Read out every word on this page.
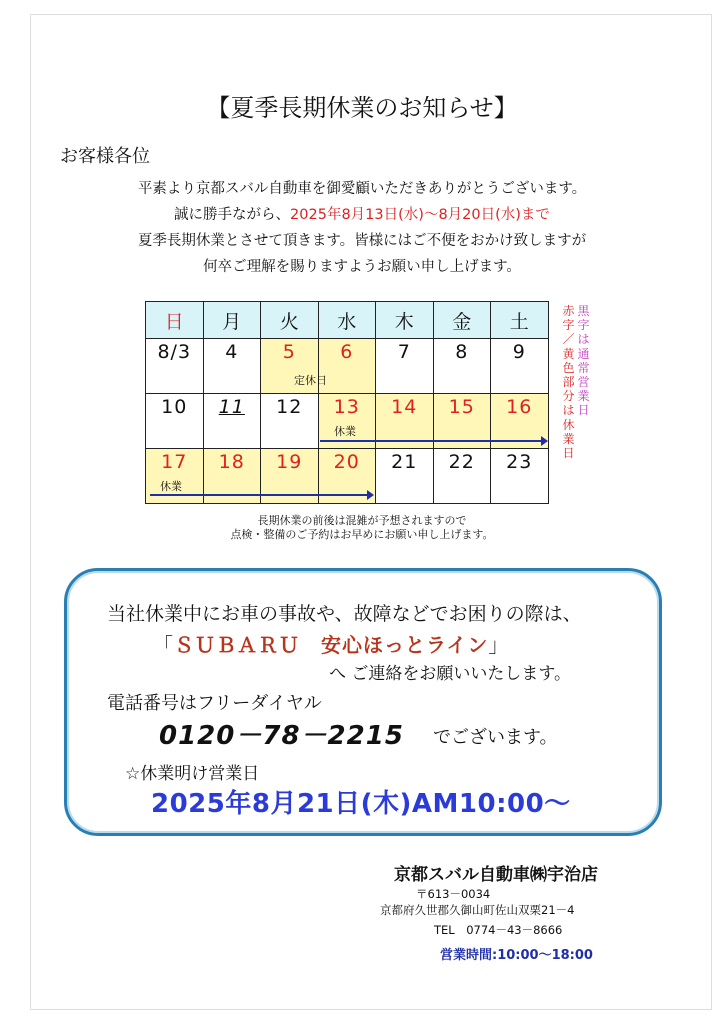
【夏季長期休業のお知らせ】
お客様各位
平素より京都スバル自動車を御愛顧いただきありがとうございます。
誠に勝手ながら、2025年8月13日(水)～8月20日(水)まで
夏季長期休業とさせて頂きます。皆様にはご不便をおかけ致しますが
何卒ご理解を賜りますようお願い申し上げます。
日	月	火	水	木	金	土

8/3	4	5	6	7	8	9

10	11	12	13	14	15	16

17	18	19	20	21	22	23
定休日
休業
休業
赤
字
／
黄
色
部
分
は
休
業
日
黒
字
は
通
常
営
業
日
長期休業の前後は混雑が予想されますので
点検・整備のご予約はお早めにお願い申し上げます。
当社休業中にお車の事故や、故障などでお困りの際は、
「ＳＵＢＡＲＵ　安心ほっとライン」
へ ご連絡をお願いいたします。
電話番号はフリーダイヤル
0120－78－2215 でございます。
☆休業明け営業日
2025年8月21日(木)AM10:00～
京都スバル自動車㈱宇治店
〒613－0034
京都府久世郡久御山町佐山双栗21－4
TEL　0774－43－8666
営業時間:10:00～18:00
